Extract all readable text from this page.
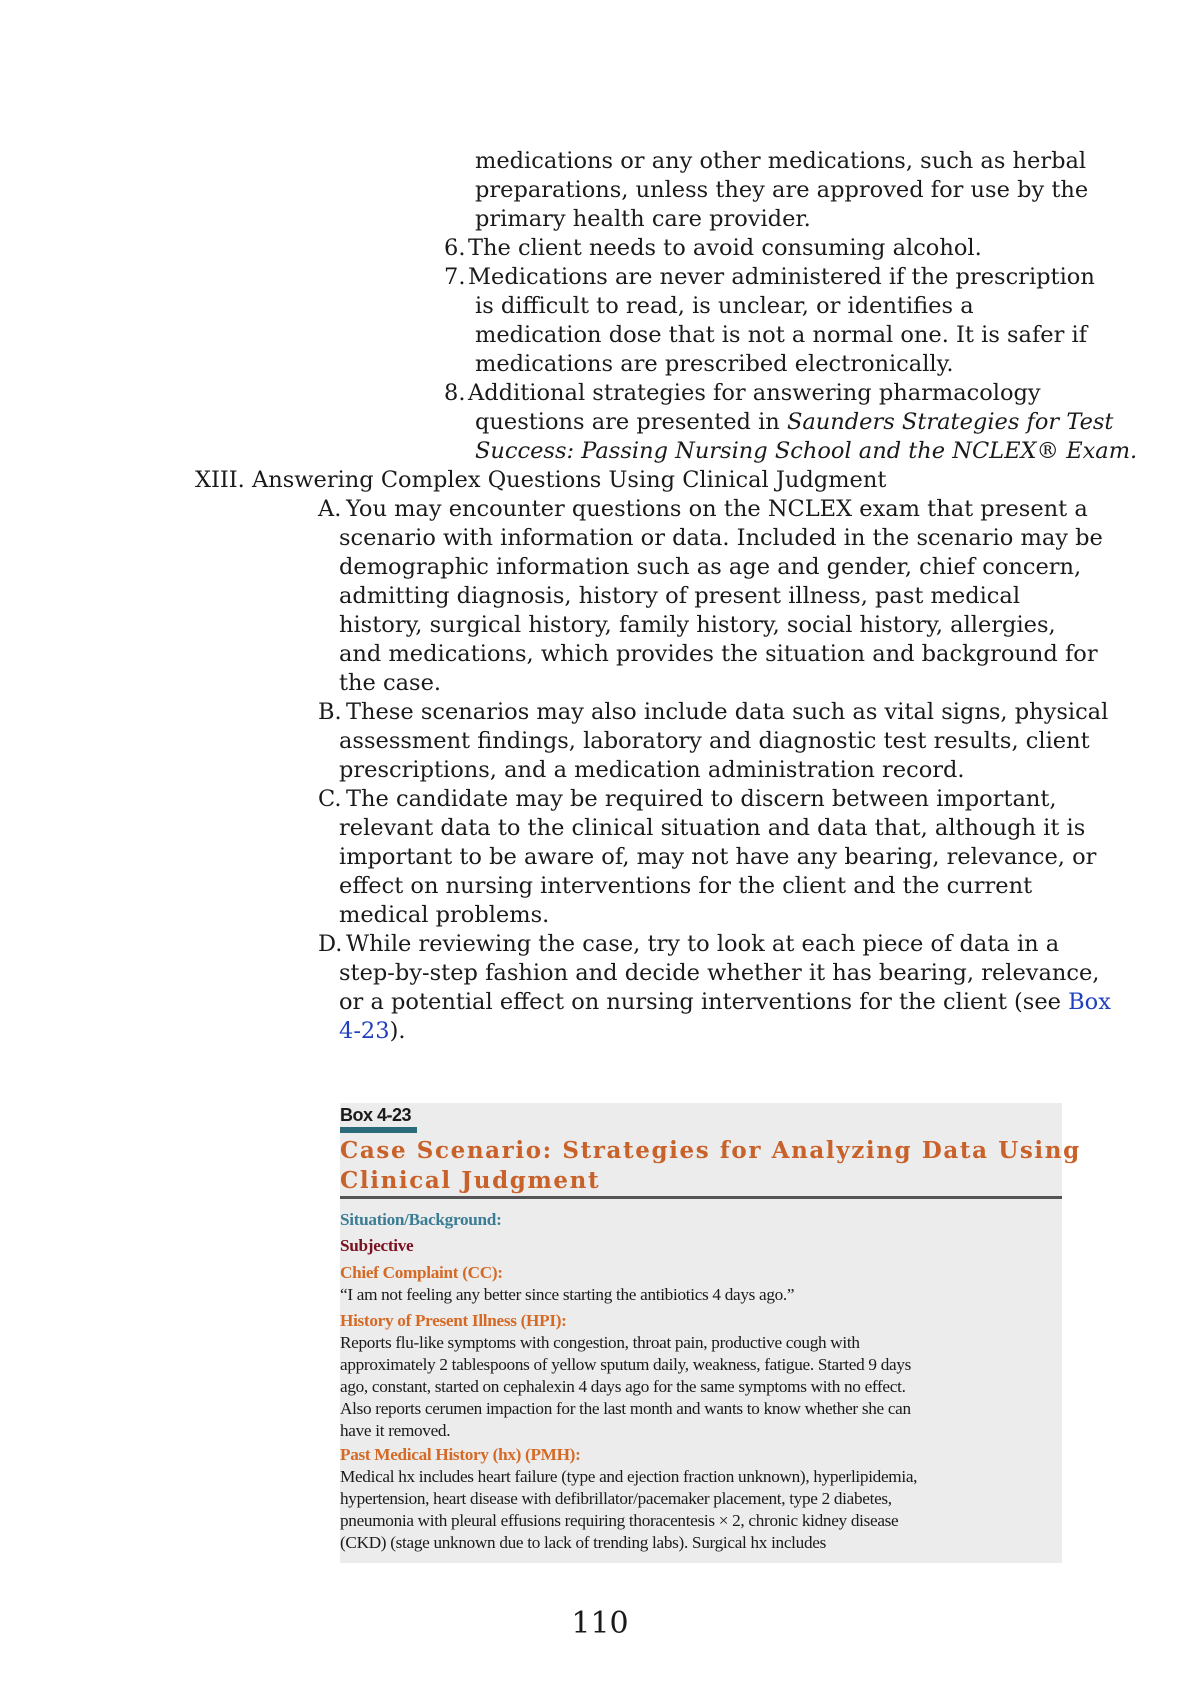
medications or any other medications, such as herbal
preparations, unless they are approved for use by the
primary health care provider.
6. The client needs to avoid consuming alcohol.
7. Medications are never administered if the prescription
is difficult to read, is unclear, or identifies a
medication dose that is not a normal one. It is safer if
medications are prescribed electronically.
8. Additional strategies for answering pharmacology
questions are presented in Saunders Strategies for Test
Success: Passing Nursing School and the NCLEX® Exam.
XIII. Answering Complex Questions Using Clinical Judgment
A. You may encounter questions on the NCLEX exam that present a
scenario with information or data. Included in the scenario may be
demographic information such as age and gender, chief concern,
admitting diagnosis, history of present illness, past medical
history, surgical history, family history, social history, allergies,
and medications, which provides the situation and background for
the case.
B. These scenarios may also include data such as vital signs, physical
assessment findings, laboratory and diagnostic test results, client
prescriptions, and a medication administration record.
C. The candidate may be required to discern between important,
relevant data to the clinical situation and data that, although it is
important to be aware of, may not have any bearing, relevance, or
effect on nursing interventions for the client and the current
medical problems.
D. While reviewing the case, try to look at each piece of data in a
step-by-step fashion and decide whether it has bearing, relevance,
or a potential effect on nursing interventions for the client (see Box
4-23).
Box 4-23
Case Scenario: Strategies for Analyzing Data Using
Clinical Judgment
Situation/Background:
Subjective
Chief Complaint (CC):
“I am not feeling any better since starting the antibiotics 4 days ago.”
History of Present Illness (HPI):
Reports flu-like symptoms with congestion, throat pain, productive cough with
approximately 2 tablespoons of yellow sputum daily, weakness, fatigue. Started 9 days
ago, constant, started on cephalexin 4 days ago for the same symptoms with no effect.
Also reports cerumen impaction for the last month and wants to know whether she can
have it removed.
Past Medical History (hx) (PMH):
Medical hx includes heart failure (type and ejection fraction unknown), hyperlipidemia,
hypertension, heart disease with defibrillator/pacemaker placement, type 2 diabetes,
pneumonia with pleural effusions requiring thoracentesis × 2, chronic kidney disease
(CKD) (stage unknown due to lack of trending labs). Surgical hx includes
110
